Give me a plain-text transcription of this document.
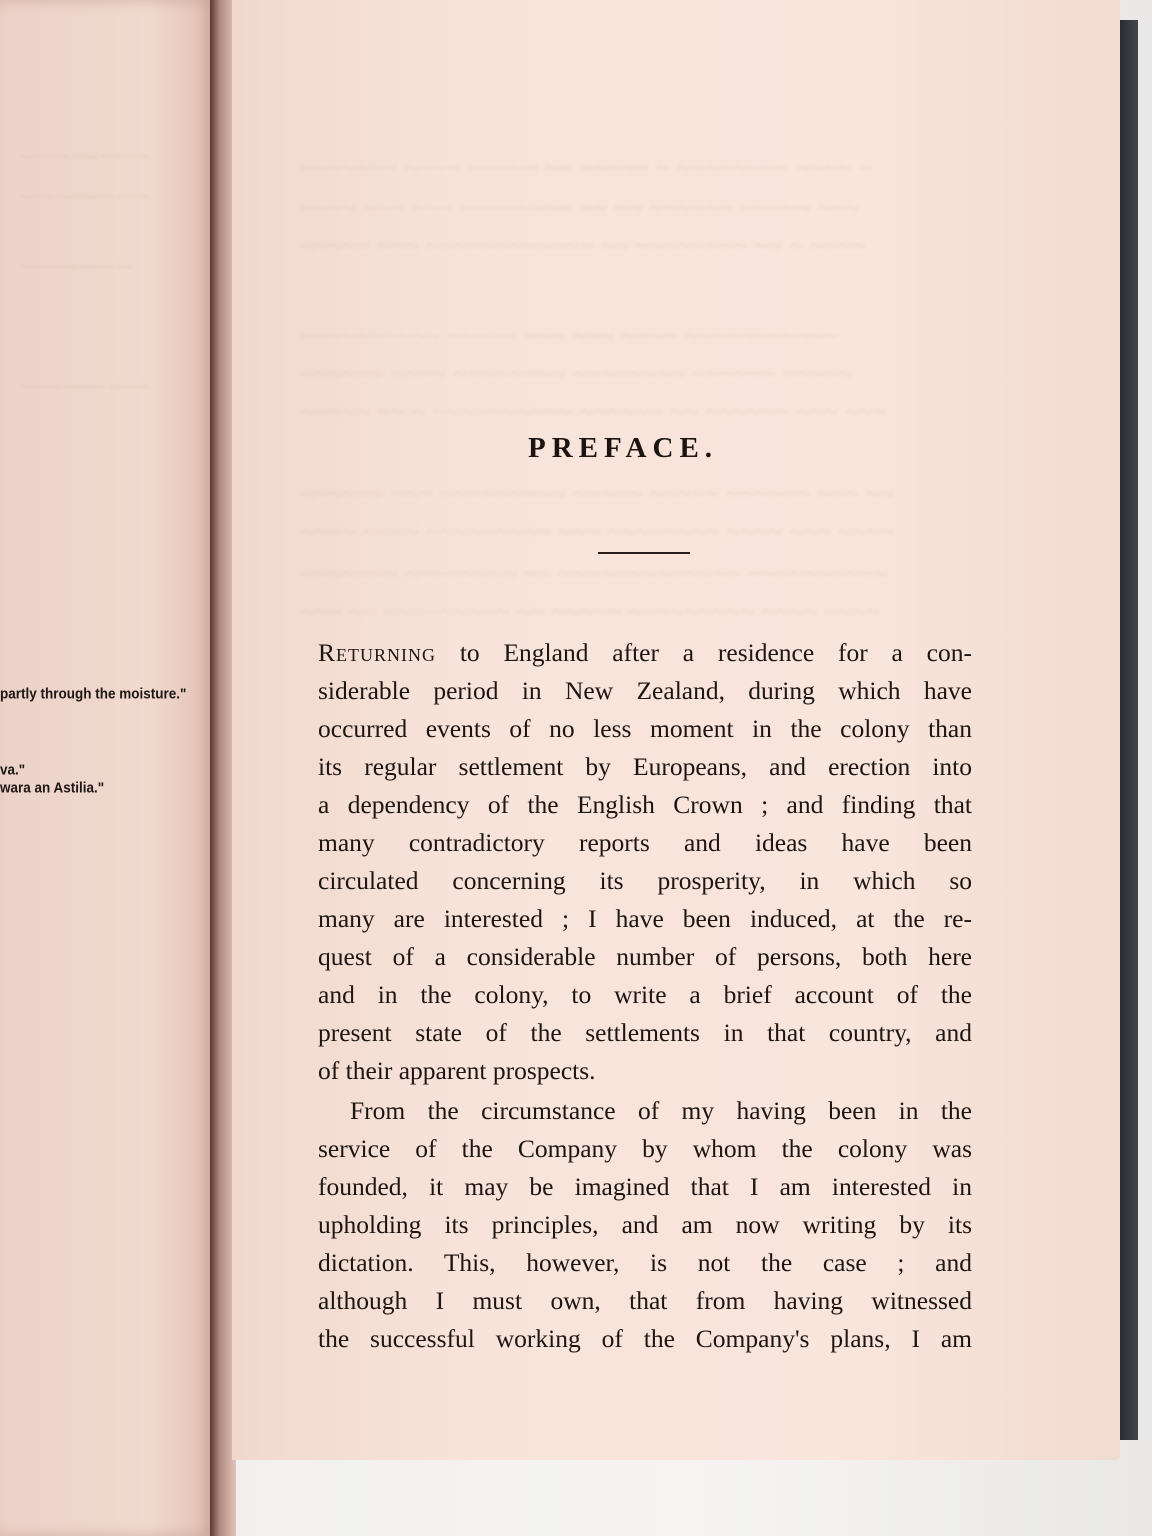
~~~~~~ ~~~ ~~~~~~
~~~~ ~~~~~~~ ~~~~
~~~~~~~ ~~~~ ~~
~~~~~ ~~~~~ ~~~~~
partly through the moisture."
va."
wara an Astilia."
~~~~~~~ ~~~~ ~~~~~ ~~ ~~~~~ ~ ~~~~~~~~ ~~~~ ~
~~~~ ~~~ ~~~ ~~~~~~~~ ~~ ~~ ~~~~~~ ~~~~~ ~~~
~~~~~ ~~~ ~~~~~~~~~~~~ ~~ ~~~~~~~~ ~~ ~ ~~~~
~~~~~~~~~~ ~~~~~ ~~~ ~~~ ~~~~ ~~~~~~~~~~~
~~~~~~ ~~~~ ~~~~~~~~ ~~~~~~~~ ~~~~~~ ~~~~~
~~~~~ ~~ ~ ~~~~~~~~~~ ~~~~~~ ~~ ~~~~~~ ~~~ ~~~
~~~~~~ ~~~ ~~~~~~~~~ ~~~~~ ~~~~~ ~~~~~~ ~~~ ~~
~~~~ ~~~~ ~~~~~~~~~ ~~~ ~~~~~~~~ ~~~~ ~~~ ~~~~
~~~~~~~ ~~~~~~~~ ~~ ~~~~~~~~~~~~~ ~~~~~~~~~~
~~~ ~~ ~~~~~~~~~ ~~ ~~~~~ ~~~~~~~~~ ~~~~ ~~~~
PREFACE.
Returning to England after a residence for a con-
siderable period in New Zealand, during which have
occurred events of no less moment in the colony than
its regular settlement by Europeans, and erection into
a dependency of the English Crown ; and finding that
many contradictory reports and ideas have been
circulated concerning its prosperity, in which so
many are interested ; I have been induced, at the re-
quest of a considerable number of persons, both here
and in the colony, to write a brief account of the
present state of the settlements in that country, and
of their apparent prospects.
From the circumstance of my having been in the
service of the Company by whom the colony was
founded, it may be imagined that I am interested in
upholding its principles, and am now writing by its
dictation. This, however, is not the case ; and
although I must own, that from having witnessed
the successful working of the Company's plans, I am
